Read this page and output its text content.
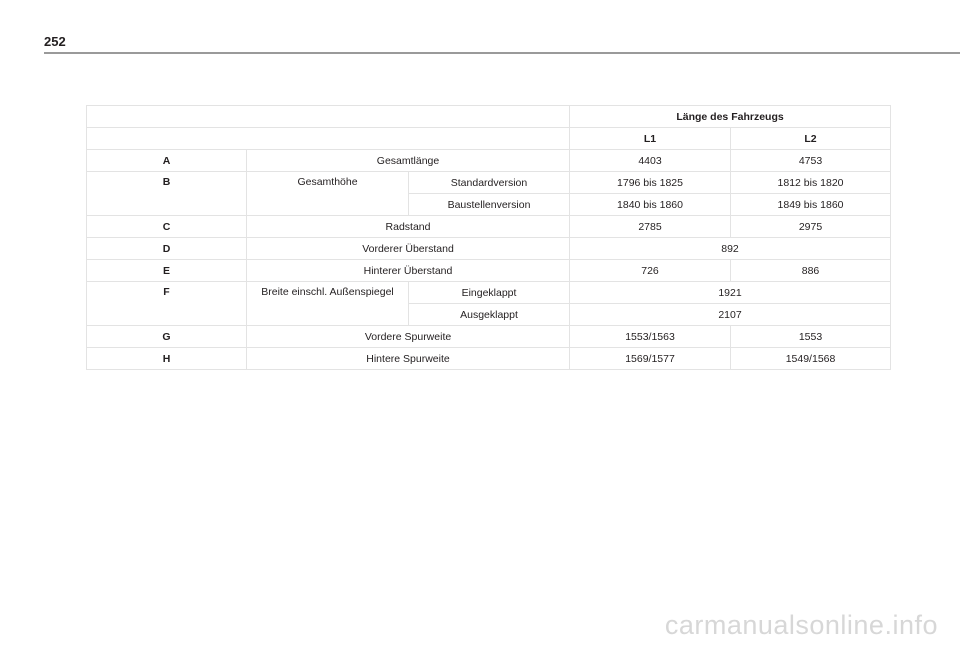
252
			Länge des Fahrzeugs	
			L1	L2
A	Gesamtlänge		4403	4753
B	Gesamthöhe	Standardversion	1796 bis 1825	1812 bis 1820
		Baustellenversion	1840 bis 1860	1849 bis 1860
C	Radstand		2785	2975
D	Vorderer Überstand		892	
E	Hinterer Überstand		726	886
F	Breite einschl. Außenspiegel	Eingeklappt	1921	
		Ausgeklappt	2107	
G	Vordere Spurweite		1553/1563	1553
H	Hintere Spurweite		1569/1577	1549/1568
carmanualsonline.info
